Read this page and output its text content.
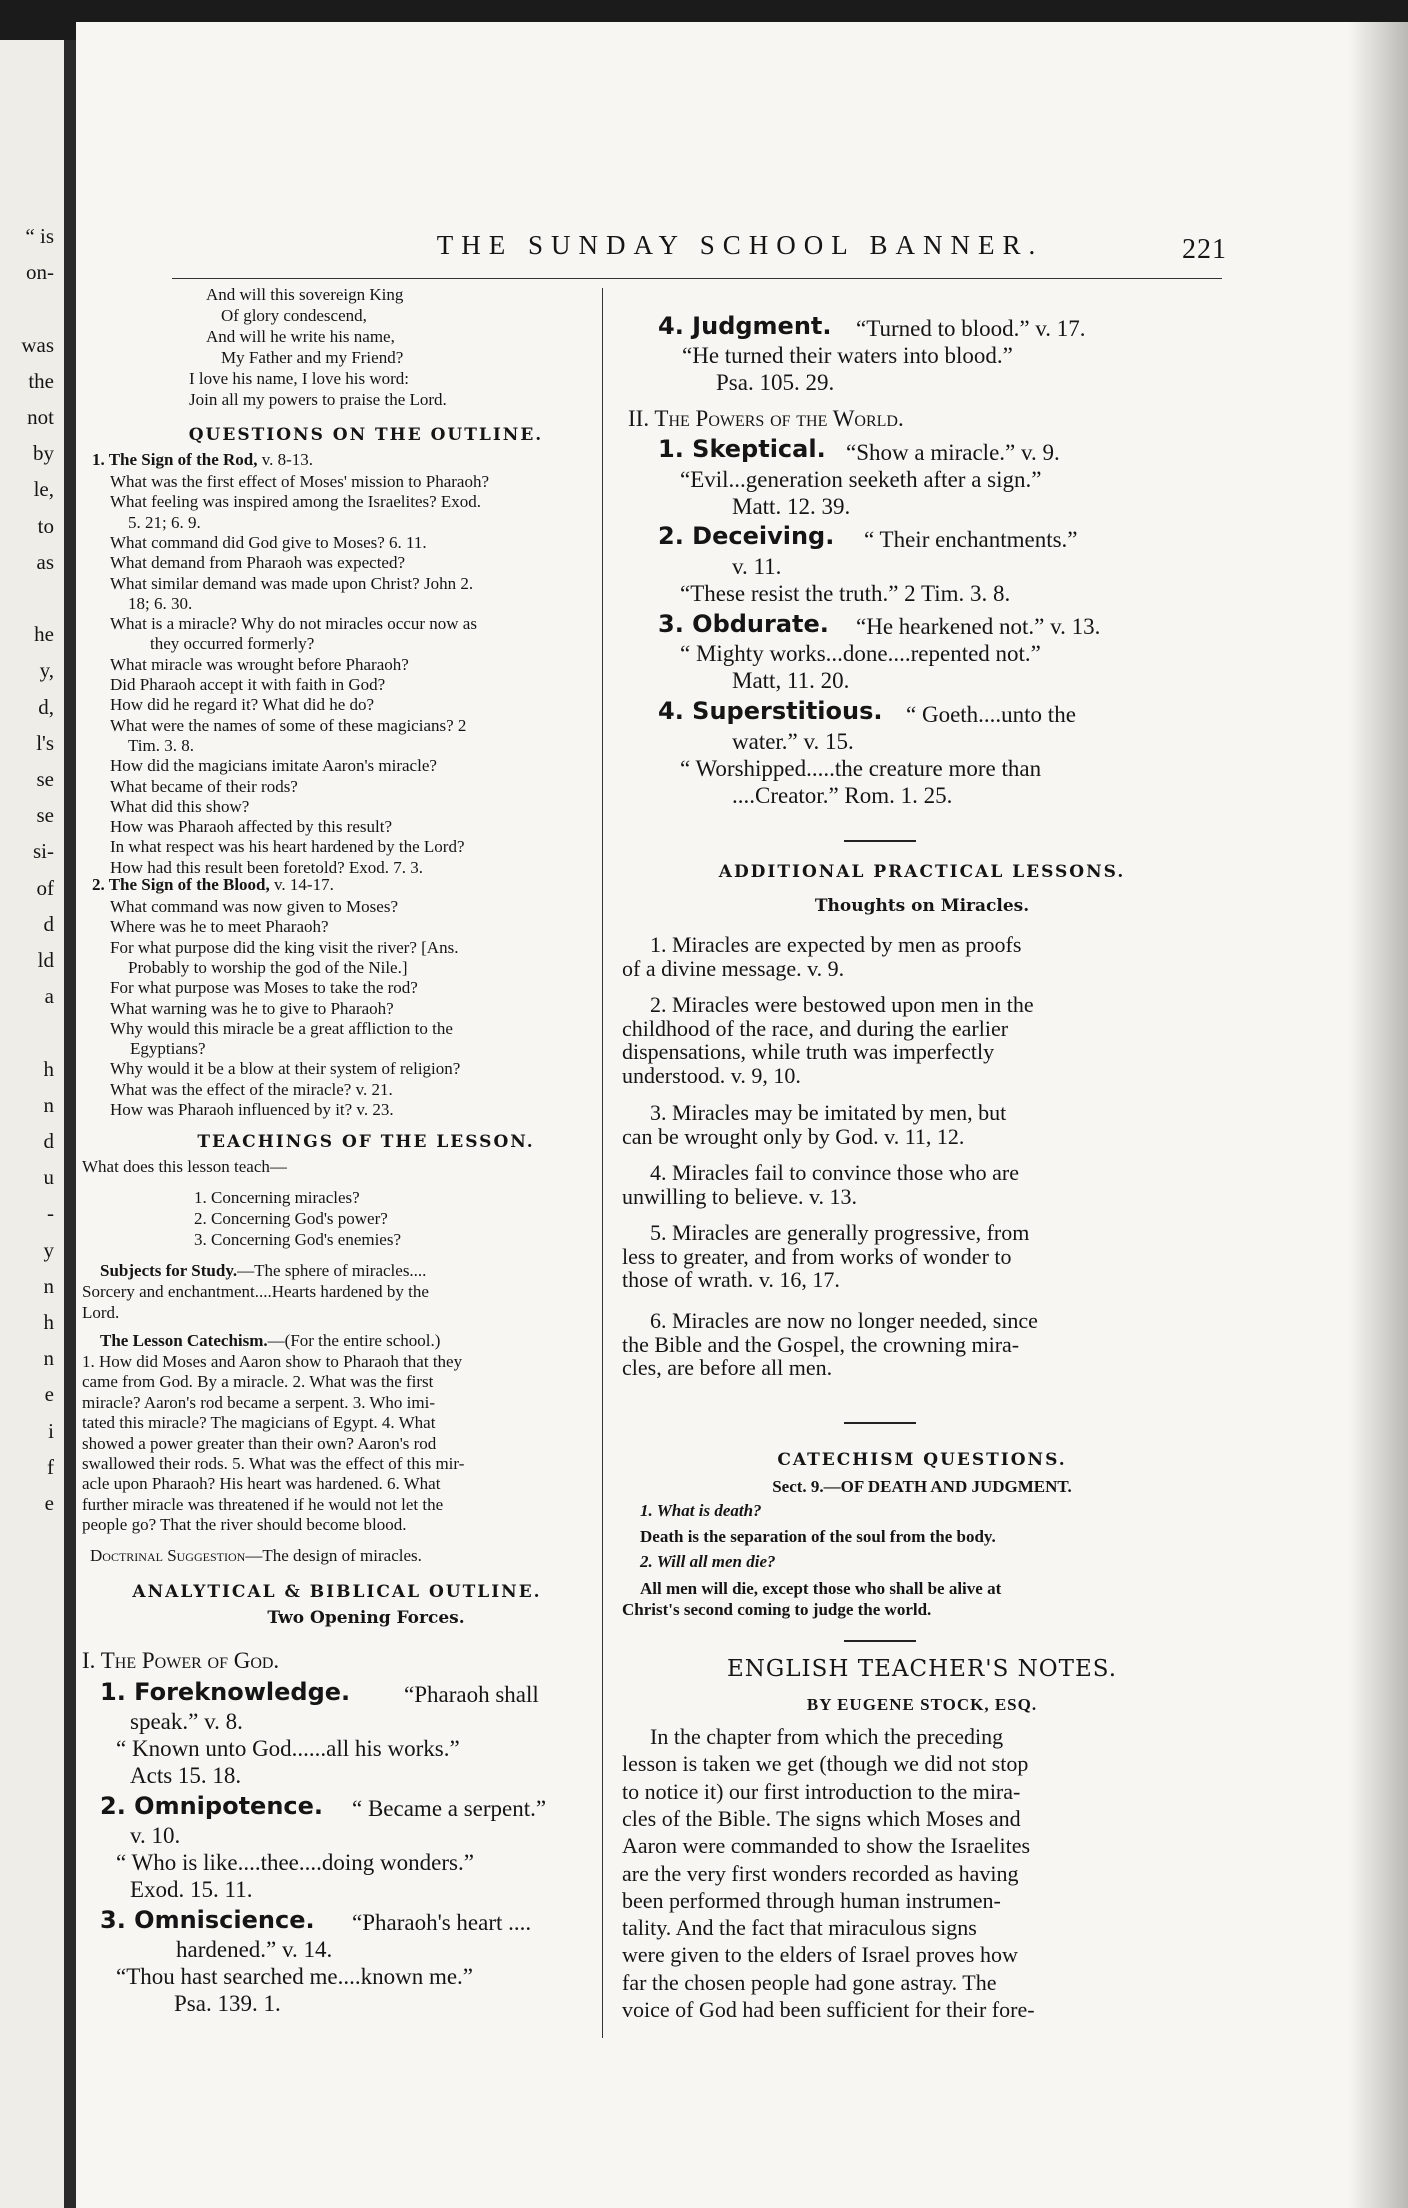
“ is
on-
was
the
not
by
le,
to
as
he
y,
d,
l's
se
se
si-
of
d
ld
a
h
n
d
u
-
y
n
h
n
e
i
f
e
THE SUNDAY SCHOOL BANNER.	221
And will this sovereign King
Of glory condescend,
And will he write his name,
My Father and my Friend?
I love his name, I love his word:
Join all my powers to praise the Lord.
QUESTIONS ON THE OUTLINE.
1. The Sign of the Rod, v. 8-13.
What was the first effect of Moses' mission to Pharaoh?
What feeling was inspired among the Israelites? Exod.
5. 21; 6. 9.
What command did God give to Moses? 6. 11.
What demand from Pharaoh was expected?
What similar demand was made upon Christ? John 2.
18; 6. 30.
What is a miracle? Why do not miracles occur now as
they occurred formerly?
What miracle was wrought before Pharaoh?
Did Pharaoh accept it with faith in God?
How did he regard it? What did he do?
What were the names of some of these magicians? 2
Tim. 3. 8.
How did the magicians imitate Aaron's miracle?
What became of their rods?
What did this show?
How was Pharaoh affected by this result?
In what respect was his heart hardened by the Lord?
How had this result been foretold? Exod. 7. 3.
2. The Sign of the Blood, v. 14-17.
What command was now given to Moses?
Where was he to meet Pharaoh?
For what purpose did the king visit the river? [Ans.
Probably to worship the god of the Nile.]
For what purpose was Moses to take the rod?
What warning was he to give to Pharaoh?
Why would this miracle be a great affliction to the
Egyptians?
Why would it be a blow at their system of religion?
What was the effect of the miracle? v. 21.
How was Pharaoh influenced by it? v. 23.
TEACHINGS OF THE LESSON.
What does this lesson teach—
1. Concerning miracles?
2. Concerning God's power?
3. Concerning God's enemies?
Subjects for Study.—The sphere of miracles....
Sorcery and enchantment....Hearts hardened by the
Lord.
The Lesson Catechism.—(For the entire school.)
1. How did Moses and Aaron show to Pharaoh that they
came from God. By a miracle. 2. What was the first
miracle? Aaron's rod became a serpent. 3. Who imi-
tated this miracle? The magicians of Egypt. 4. What
showed a power greater than their own? Aaron's rod
swallowed their rods. 5. What was the effect of this mir-
acle upon Pharaoh? His heart was hardened. 6. What
further miracle was threatened if he would not let the
people go? That the river should become blood.
Doctrinal Suggestion—The design of miracles.
ANALYTICAL & BIBLICAL OUTLINE.
Two Opening Forces.
I. The Power of God.
1. Foreknowledge. “Pharaoh shall
speak.” v. 8.
“ Known unto God......all his works.”
Acts 15. 18.
2. Omnipotence. “ Became a serpent.”
v. 10.
“ Who is like....thee....doing wonders.”
Exod. 15. 11.
3. Omniscience. “Pharaoh's heart ....
hardened.” v. 14.
“Thou hast searched me....known me.”
Psa. 139. 1.
4. Judgment. “Turned to blood.” v. 17.
“He turned their waters into blood.”
Psa. 105. 29.
II. The Powers of the World.
1. Skeptical. “Show a miracle.” v. 9.
“Evil...generation seeketh after a sign.”
Matt. 12. 39.
2. Deceiving. “ Their enchantments.”
v. 11.
“These resist the truth.” 2 Tim. 3. 8.
3. Obdurate. “He hearkened not.” v. 13.
“ Mighty works...done....repented not.”
Matt, 11. 20.
4. Superstitious. “ Goeth....unto the
water.” v. 15.
“ Worshipped.....the creature more than
....Creator.” Rom. 1. 25.
ADDITIONAL PRACTICAL LESSONS.
Thoughts on Miracles.
1. Miracles are expected by men as proofs
of a divine message. v. 9.
2. Miracles were bestowed upon men in the
childhood of the race, and during the earlier
dispensations, while truth was imperfectly
understood. v. 9, 10.
3. Miracles may be imitated by men, but
can be wrought only by God. v. 11, 12.
4. Miracles fail to convince those who are
unwilling to believe. v. 13.
5. Miracles are generally progressive, from
less to greater, and from works of wonder to
those of wrath. v. 16, 17.
6. Miracles are now no longer needed, since
the Bible and the Gospel, the crowning mira-
cles, are before all men.
CATECHISM QUESTIONS.
Sect. 9.—OF DEATH AND JUDGMENT.
1. What is death?
Death is the separation of the soul from the body.
2. Will all men die?
All men will die, except those who shall be alive at
Christ's second coming to judge the world.
ENGLISH TEACHER'S NOTES.
BY EUGENE STOCK, ESQ.
In the chapter from which the preceding
lesson is taken we get (though we did not stop
to notice it) our first introduction to the mira-
cles of the Bible. The signs which Moses and
Aaron were commanded to show the Israelites
are the very first wonders recorded as having
been performed through human instrumen-
tality. And the fact that miraculous signs
were given to the elders of Israel proves how
far the chosen people had gone astray. The
voice of God had been sufficient for their fore-
